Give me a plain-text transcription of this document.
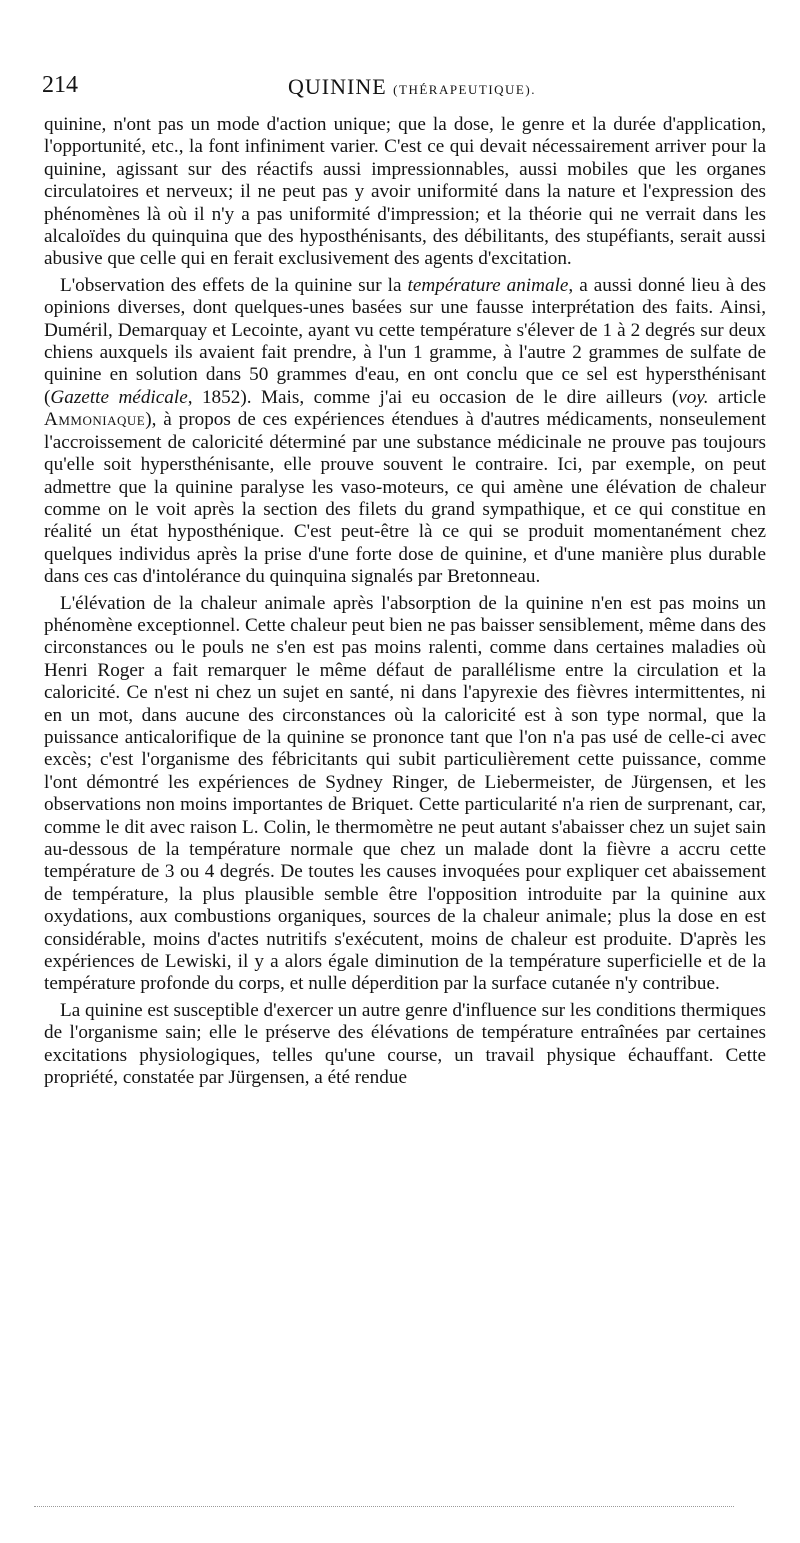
214	QUININE (THÉRAPEUTIQUE).

quinine, n'ont pas un mode d'action unique; que la dose, le genre et la durée d'application, l'opportunité, etc., la font infiniment varier. C'est ce qui devait nécessairement arriver pour la quinine, agissant sur des réactifs aussi impressionnables, aussi mobiles que les organes circulatoires et nerveux; il ne peut pas y avoir uniformité dans la nature et l'expression des phénomènes là où il n'y a pas uniformité d'impression; et la théorie qui ne verrait dans les alcaloïdes du quinquina que des hyposthénisants, des débilitants, des stupéfiants, serait aussi abusive que celle qui en ferait exclusivement des agents d'excitation.

L'observation des effets de la quinine sur la température animale, a aussi donné lieu à des opinions diverses, dont quelques-unes basées sur une fausse interprétation des faits. Ainsi, Duméril, Demarquay et Lecointe, ayant vu cette température s'élever de 1 à 2 degrés sur deux chiens auxquels ils avaient fait prendre, à l'un 1 gramme, à l'autre 2 grammes de sulfate de quinine en solution dans 50 grammes d'eau, en ont conclu que ce sel est hypersthénisant (Gazette médicale, 1852). Mais, comme j'ai eu occasion de le dire ailleurs (voy. article Ammoniaque), à propos de ces expériences étendues à d'autres médicaments, nonseulement l'accroissement de caloricité déterminé par une substance médicinale ne prouve pas toujours qu'elle soit hypersthénisante, elle prouve souvent le contraire. Ici, par exemple, on peut admettre que la quinine paralyse les vaso-moteurs, ce qui amène une élévation de chaleur comme on le voit après la section des filets du grand sympathique, et ce qui constitue en réalité un état hyposthénique. C'est peut-être là ce qui se produit momentanément chez quelques individus après la prise d'une forte dose de quinine, et d'une manière plus durable dans ces cas d'intolérance du quinquina signalés par Bretonneau.

L'élévation de la chaleur animale après l'absorption de la quinine n'en est pas moins un phénomène exceptionnel. Cette chaleur peut bien ne pas baisser sensiblement, même dans des circonstances ou le pouls ne s'en est pas moins ralenti, comme dans certaines maladies où Henri Roger a fait remarquer le même défaut de parallélisme entre la circulation et la caloricité. Ce n'est ni chez un sujet en santé, ni dans l'apyrexie des fièvres intermittentes, ni en un mot, dans aucune des circonstances où la caloricité est à son type normal, que la puissance anticalorifique de la quinine se prononce tant que l'on n'a pas usé de celle-ci avec excès; c'est l'organisme des fébricitants qui subit particulièrement cette puissance, comme l'ont démontré les expériences de Sydney Ringer, de Liebermeister, de Jürgensen, et les observations non moins importantes de Briquet. Cette particularité n'a rien de surprenant, car, comme le dit avec raison L. Colin, le thermomètre ne peut autant s'abaisser chez un sujet sain au-dessous de la température normale que chez un malade dont la fièvre a accru cette température de 3 ou 4 degrés. De toutes les causes invoquées pour expliquer cet abaissement de température, la plus plausible semble être l'opposition introduite par la quinine aux oxydations, aux combustions organiques, sources de la chaleur animale; plus la dose en est considérable, moins d'actes nutritifs s'exécutent, moins de chaleur est produite. D'après les expériences de Lewiski, il y a alors égale diminution de la température superficielle et de la température profonde du corps, et nulle déperdition par la surface cutanée n'y contribue.

La quinine est susceptible d'exercer un autre genre d'influence sur les conditions thermiques de l'organisme sain; elle le préserve des élévations de température entraînées par certaines excitations physiologiques, telles qu'une course, un travail physique échauffant. Cette propriété, constatée par Jürgensen, a été rendue
